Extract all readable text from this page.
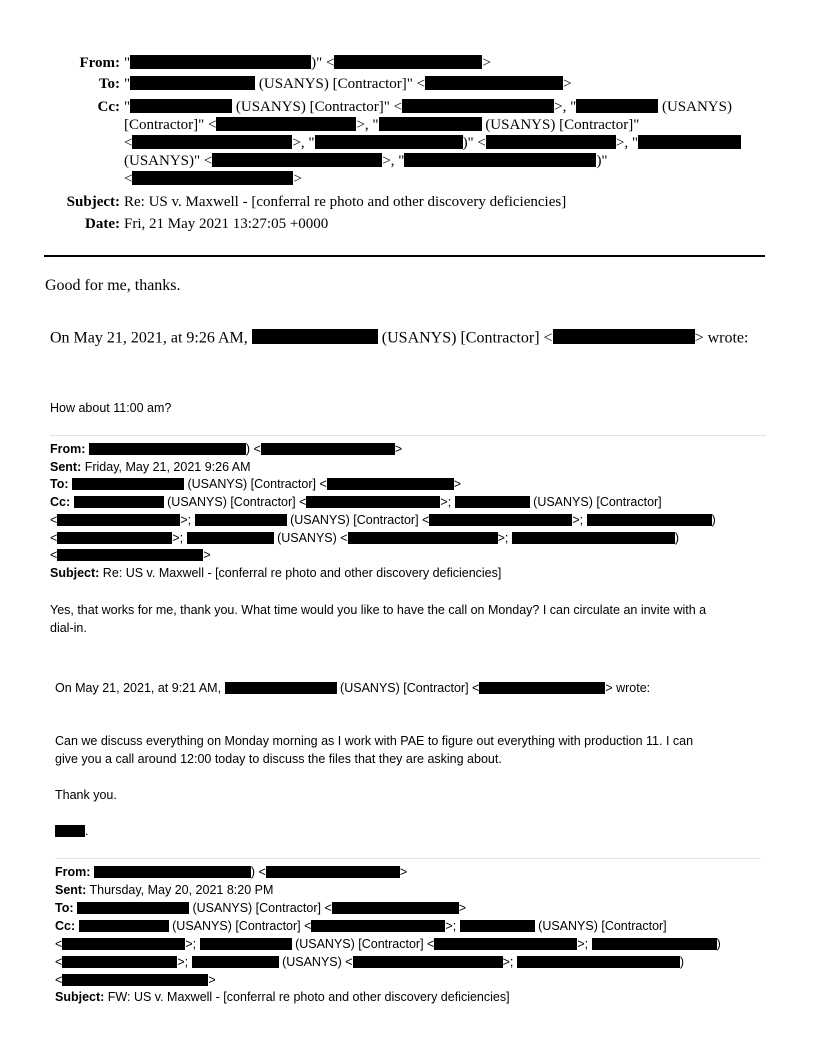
From: "	)" <	>
To: "	(USANYS) [Contractor]" <	>
Cc: "	(USANYS) [Contractor]" <	>, "	(USANYS)
[Contractor]" <	>, "	(USANYS) [Contractor]"
<	>, "	)" <	>, "
(USANYS)" <	>, "	)"
<	>
Subject: Re: US v. Maxwell - [conferral re photo and other discovery deficiencies]
Date: Fri, 21 May 2021 13:27:05 +0000
Good for me, thanks.
On May 21, 2021, at 9:26 AM,	(USANYS) [Contractor] <	> wrote:
How about 11:00 am?
From:	) <	>
Sent: Friday, May 21, 2021 9:26 AM
To:	(USANYS) [Contractor] <	>
Cc:	(USANYS) [Contractor] <	>;	(USANYS) [Contractor]
<	>;	(USANYS) [Contractor] <	>;	)
<	>;	(USANYS) <	>;	)
<	>
Subject: Re: US v. Maxwell - [conferral re photo and other discovery deficiencies]
Yes, that works for me, thank you. What time would you like to have the call on Monday? I can circulate an invite with a
dial-in.
On May 21, 2021, at 9:21 AM,	(USANYS) [Contractor] <	> wrote:
Can we discuss everything on Monday morning as I work with PAE to figure out everything with production 11. I can
give you a call around 12:00 today to discuss the files that they are asking about.
Thank you.
.
From:	) <	>
Sent: Thursday, May 20, 2021 8:20 PM
To:	(USANYS) [Contractor] <	>
Cc:	(USANYS) [Contractor] <	>;	(USANYS) [Contractor]
<	>;	(USANYS) [Contractor] <	>;	)
<	>;	(USANYS) <	>;	)
<	>
Subject: FW: US v. Maxwell - [conferral re photo and other discovery deficiencies]
